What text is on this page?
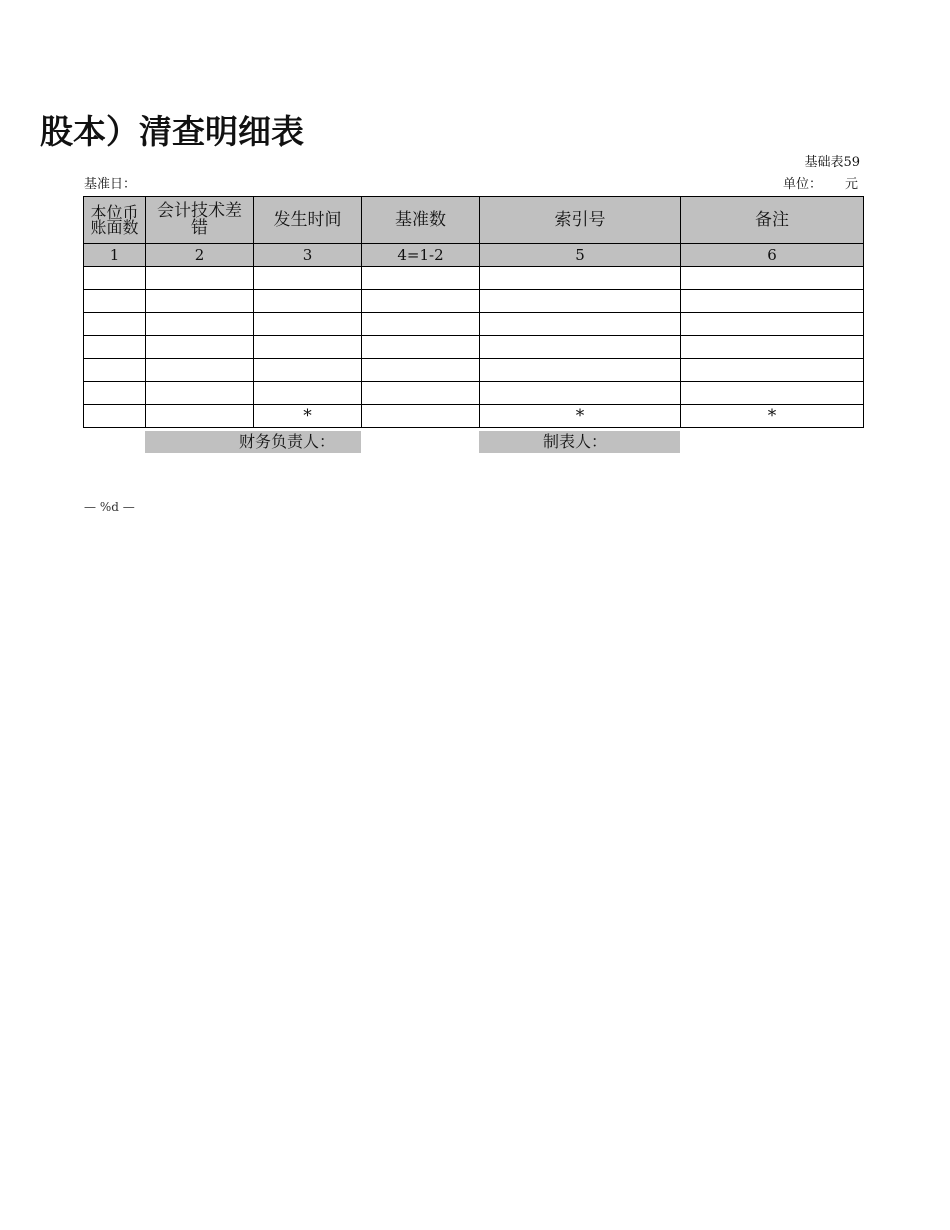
股本）清查明细表
基础表59
基准日：	单位： 元
本位币账面数	会计技术差错	发生时间	基准数	索引号	备注
1	2	3	4=1-2	5	6

		*		*	*
财务负责人：	制表人：
— %d —
